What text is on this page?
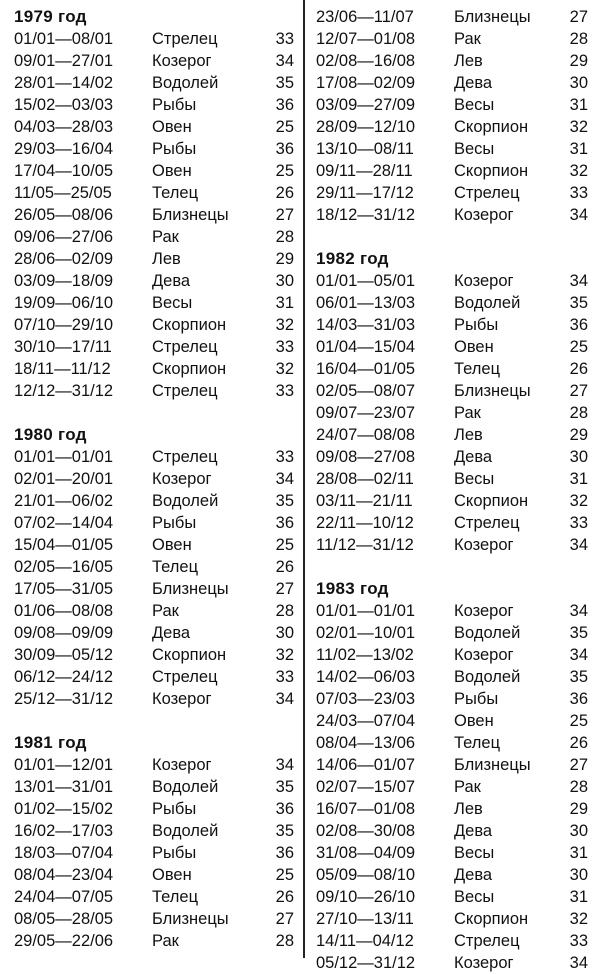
1979 год
01/01—08/01	Стрелец	33
09/01—27/01	Козерог	34
28/01—14/02	Водолей	35
15/02—03/03	Рыбы	36
04/03—28/03	Овен	25
29/03—16/04	Рыбы	36
17/04—10/05	Овен	25
11/05—25/05	Телец	26
26/05—08/06	Близнецы	27
09/06—27/06	Рак	28
28/06—02/09	Лев	29
03/09—18/09	Дева	30
19/09—06/10	Весы	31
07/10—29/10	Скорпион	32
30/10—17/11	Стрелец	33
18/11—11/12	Скорпион	32
12/12—31/12	Стрелец	33
1980 год
01/01—01/01	Стрелец	33
02/01—20/01	Козерог	34
21/01—06/02	Водолей	35
07/02—14/04	Рыбы	36
15/04—01/05	Овен	25
02/05—16/05	Телец	26
17/05—31/05	Близнецы	27
01/06—08/08	Рак	28
09/08—09/09	Дева	30
30/09—05/12	Скорпион	32
06/12—24/12	Стрелец	33
25/12—31/12	Козерог	34
1981 год
01/01—12/01	Козерог	34
13/01—31/01	Водолей	35
01/02—15/02	Рыбы	36
16/02—17/03	Водолей	35
18/03—07/04	Рыбы	36
08/04—23/04	Овен	25
24/04—07/05	Телец	26
08/05—28/05	Близнецы	27
29/05—22/06	Рак	28
23/06—11/07	Близнецы	27
12/07—01/08	Рак	28
02/08—16/08	Лев	29
17/08—02/09	Дева	30
03/09—27/09	Весы	31
28/09—12/10	Скорпион	32
13/10—08/11	Весы	31
09/11—28/11	Скорпион	32
29/11—17/12	Стрелец	33
18/12—31/12	Козерог	34
1982 год
01/01—05/01	Козерог	34
06/01—13/03	Водолей	35
14/03—31/03	Рыбы	36
01/04—15/04	Овен	25
16/04—01/05	Телец	26
02/05—08/07	Близнецы	27
09/07—23/07	Рак	28
24/07—08/08	Лев	29
09/08—27/08	Дева	30
28/08—02/11	Весы	31
03/11—21/11	Скорпион	32
22/11—10/12	Стрелец	33
11/12—31/12	Козерог	34
1983 год
01/01—01/01	Козерог	34
02/01—10/01	Водолей	35
11/02—13/02	Козерог	34
14/02—06/03	Водолей	35
07/03—23/03	Рыбы	36
24/03—07/04	Овен	25
08/04—13/06	Телец	26
14/06—01/07	Близнецы	27
02/07—15/07	Рак	28
16/07—01/08	Лев	29
02/08—30/08	Дева	30
31/08—04/09	Весы	31
05/09—08/10	Дева	30
09/10—26/10	Весы	31
27/10—13/11	Скорпион	32
14/11—04/12	Стрелец	33
05/12—31/12	Козерог	34
